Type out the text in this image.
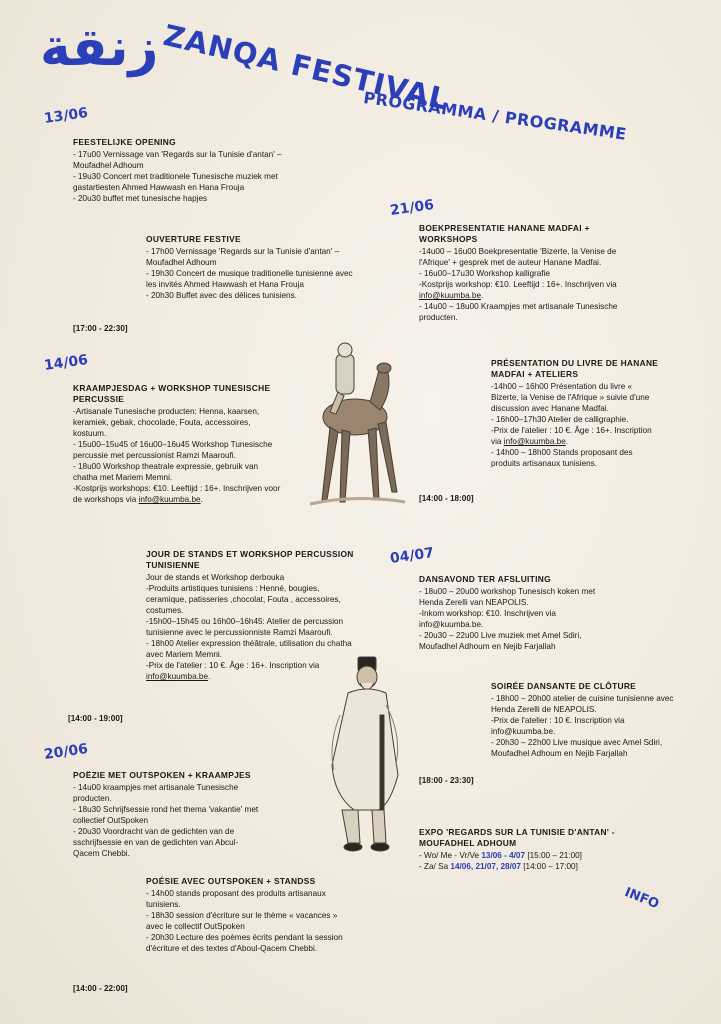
زنقة ZANQA FESTIVAL
PROGRAMMA / PROGRAMME
13/06
FEESTELIJKE OPENING

- 17u00 Vernissage van 'Regards sur la Tunisie d'antan' – Moufadhel Adhoum

- 19u30 Concert met traditionele Tunesische muziek met gastartiesten Ahmed Hawwash en Hana Frouja

- 20u30 buffet met tunesische hapjes

OUVERTURE FESTIVE

- 17h00 Vernissage 'Regards sur la Tunisie d'antan' – Moufadhel Adhoum

- 19h30 Concert de musique traditionelle tunisienne avec les invités Ahmed Hawwash et Hana Frouja

- 20h30 Buffet avec des délices tunisiens.

[17:00 - 22:30]
14/06
KRAAMPJESDAG + WORKSHOP TUNESISCHE PERCUSSIE

-Artisanale Tunesische producten: Henna, kaarsen, keramiek, gebak, chocolade, Fouta, accessoires, kostuum.

- 15u00–15u45 of 16u00–16u45 Workshop Tunesische percussie met percussionist Ramzi Maaroufi.

- 18u00 Workshop theatrale expressie, gebruik van chatha met Mariem Memni.

-Kostprijs workshops: €10. Leeftijd : 16+. Inschrijven voor de workshops via info@kuumba.be.

JOUR DE STANDS ET WORKSHOP PERCUSSION TUNISIENNE

Jour de stands et Workshop derbouka

-Produits artistiques tunisiens : Henné, bougies, ceramique, patisseries ,chocolat, Fouta , accessoires, costumes.

-15h00–15h45 ou 16h00–16h45: Atelier de percussion tunisienne avec le percussionniste Ramzi Maaroufi.

- 18h00 Atelier expression théâtrale, utilisation du chatha avec Mariem Memni.

-Prix de l'atelier : 10 €. Âge : 16+. Inscription via info@kuumba.be.

[14:00 - 19:00]
20/06
POËZIE MET OUTSPOKEN + KRAAMPJES

- 14u00 kraampjes met artisanale Tunesische producten.

- 18u30 Schrijfsessie rond het thema 'vakantie' met collectief OutSpoken

- 20u30 Voordracht van de gedichten van de sschrijfsessie en van de gedichten van Abcul-Qacem Chebbi.

POÉSIE AVEC OUTSPOKEN + STANDSS

- 14h00 stands proposant des produits artisanaux tunisiens.

- 18h30 session d'écriture sur le thème « vacances » avec le collectif OutSpoken

- 20h30 Lecture des poèmes écrits pendant la session d'écriture et des textes d'Aboul-Qacem Chebbi.

[14:00 - 22:00]
21/06
BOEKPRESENTATIE HANANE MADFAI + WORKSHOPS

-14u00 – 16u00 Boekpresentatie 'Bizerte, la Venise de l'Afrique' + gesprek met de auteur Hanane Madfai.

- 16u00–17u30 Workshop kalligrafie

-Kostprijs workshop: €10. Leeftijd : 16+. Inschrijven via info@kuumba.be.

- 14u00 – 18u00 Kraampjes met artisanale Tunesische producten.

PRÉSENTATION DU LIVRE DE HANANE MADFAI + ATELIERS

-14h00 – 16h00 Présentation du livre « Bizerte, la Venise de l'Afrique » suivie d'une discussion avec Hanane Madfai.

- 16h00–17h30 Atelier de calligraphie.

-Prix de l'atelier : 10 €. Âge : 16+. Inscription via info@kuumba.be.

- 14h00 – 18h00 Stands proposant des produits artisanaux tunisiens.

[14:00 - 18:00]
04/07
DANSAVOND TER AFSLUITING

- 18u00 – 20u00 workshop Tunesisch koken met Henda Zerelli van NEAPOLIS.

-Inkom workshop: €10. Inschrijven via info@kuumba.be.

- 20u30 – 22u00 Live muziek met Amel Sdiri, Moufadhel Adhoum en Nejib Farjallah

SOIRÉE DANSANTE DE CLÔTURE

- 18h00 – 20h00 atelier de cuisine tunisienne avec Henda Zerelli de NEAPOLIS.

-Prix de l'atelier : 10 €. Inscription via info@kuumba.be.

- 20h30 – 22h00 Live musique avec Amel Sdiri, Moufadhel Adhoum en Nejib Farjallah

[18:00 - 23:30]
EXPO 'REGARDS SUR LA TUNISIE D'ANTAN' - MOUFADHEL ADHOUM

- Wo/ Me - Vr/Ve 13/06 - 4/07 [15:00 – 21:00]

- Za/ Sa 14/06, 21/07, 28/07 [14:00 – 17:00]

INFO
